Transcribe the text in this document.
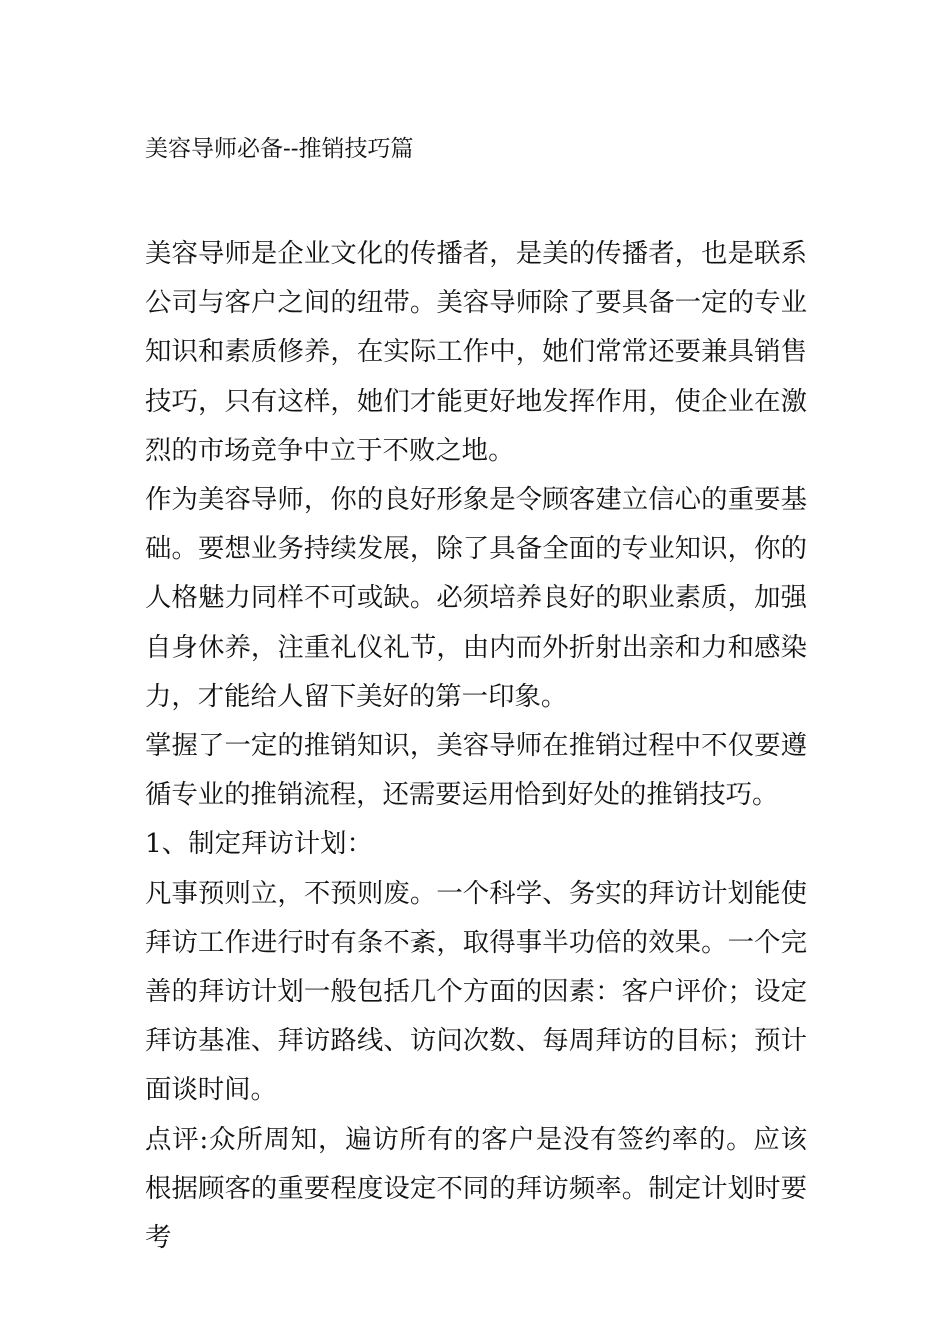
美容导师必备--推销技巧篇

美容导师是企业文化的传播者，是美的传播者，也是联系公司与客户之间的纽带。美容导师除了要具备一定的专业知识和素质修养，在实际工作中，她们常常还要兼具销售技巧，只有这样，她们才能更好地发挥作用，使企业在激烈的市场竞争中立于不败之地。

作为美容导师，你的良好形象是令顾客建立信心的重要基础。要想业务持续发展，除了具备全面的专业知识，你的人格魅力同样不可或缺。必须培养良好的职业素质，加强自身休养，注重礼仪礼节，由内而外折射出亲和力和感染力，才能给人留下美好的第一印象。

掌握了一定的推销知识，美容导师在推销过程中不仅要遵循专业的推销流程，还需要运用恰到好处的推销技巧。

1、制定拜访计划：

凡事预则立，不预则废。一个科学、务实的拜访计划能使拜访工作进行时有条不紊，取得事半功倍的效果。一个完善的拜访计划一般包括几个方面的因素：客户评价；设定拜访基准、拜访路线、访问次数、每周拜访的目标；预计面谈时间。

点评:众所周知，遍访所有的客户是没有签约率的。应该根据顾客的重要程度设定不同的拜访频率。制定计划时要考
